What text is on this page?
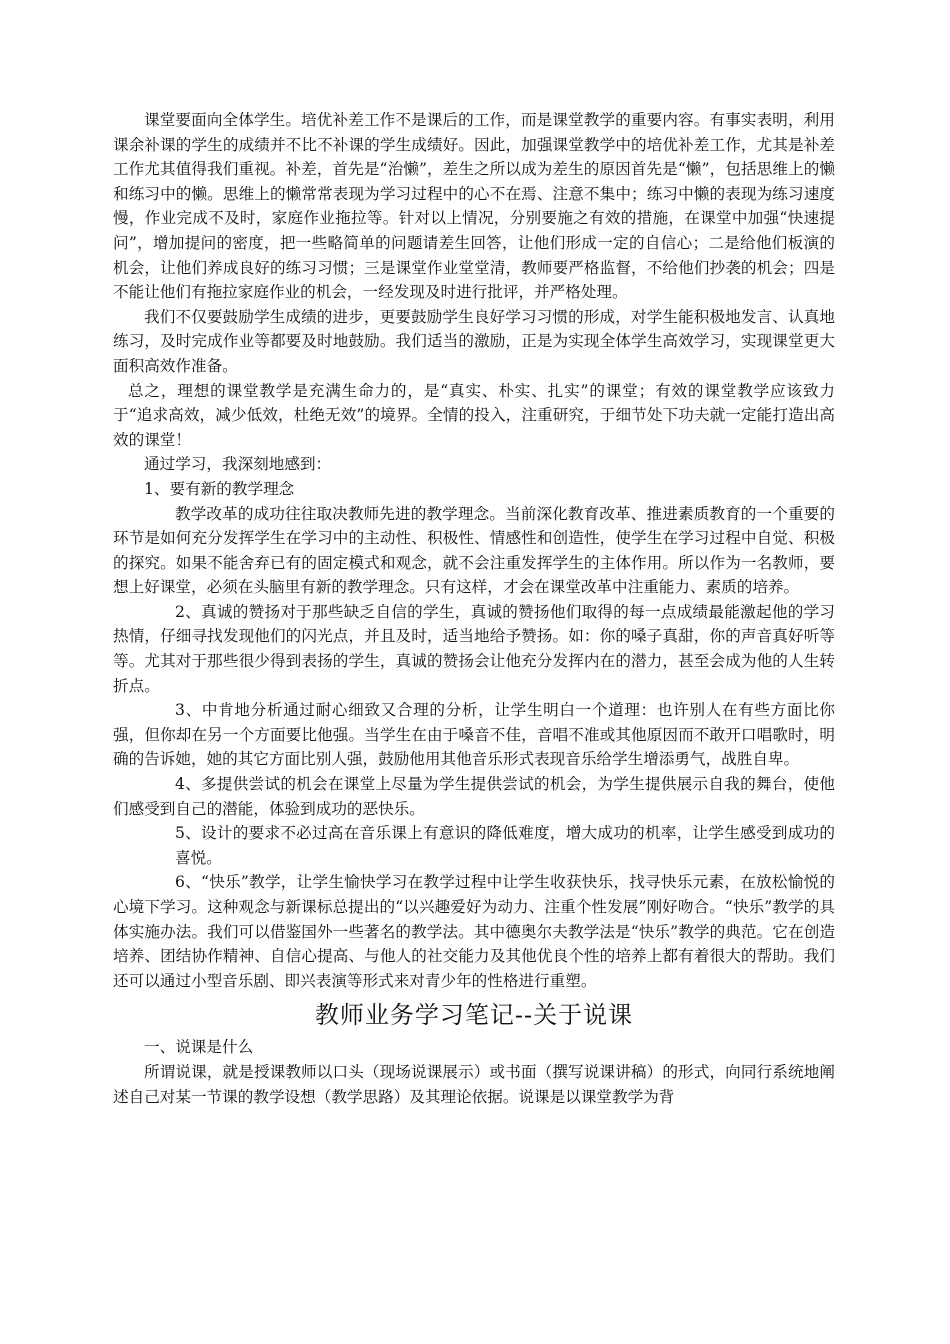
课堂要面向全体学生。培优补差工作不是课后的工作，而是课堂教学的重要内容。有事实表明，利用课余补课的学生的成绩并不比不补课的学生成绩好。因此，加强课堂教学中的培优补差工作，尤其是补差工作尤其值得我们重视。补差，首先是“治懒”，差生之所以成为差生的原因首先是“懒”，包括思维上的懒和练习中的懒。思维上的懒常常表现为学习过程中的心不在焉、注意不集中；练习中懒的表现为练习速度慢，作业完成不及时，家庭作业拖拉等。针对以上情况，分别要施之有效的措施，在课堂中加强“快速提问”，增加提问的密度，把一些略简单的问题请差生回答，让他们形成一定的自信心；二是给他们板演的机会，让他们养成良好的练习习惯；三是课堂作业堂堂清，教师要严格监督，不给他们抄袭的机会；四是不能让他们有拖拉家庭作业的机会，一经发现及时进行批评，并严格处理。

我们不仅要鼓励学生成绩的进步，更要鼓励学生良好学习习惯的形成，对学生能积极地发言、认真地练习，及时完成作业等都要及时地鼓励。我们适当的激励，正是为实现全体学生高效学习，实现课堂更大面积高效作准备。

总之，理想的课堂教学是充满生命力的，是“真实、朴实、扎实”的课堂；有效的课堂教学应该致力于“追求高效，减少低效，杜绝无效”的境界。全情的投入，注重研究，于细节处下功夫就一定能打造出高效的课堂！

通过学习，我深刻地感到：

1、要有新的教学理念

教学改革的成功往往取决教师先进的教学理念。当前深化教育改革、推进素质教育的一个重要的环节是如何充分发挥学生在学习中的主动性、积极性、情感性和创造性，使学生在学习过程中自觉、积极的探究。如果不能舍弃已有的固定模式和观念，就不会注重发挥学生的主体作用。所以作为一名教师，要想上好课堂，必须在头脑里有新的教学理念。只有这样，才会在课堂改革中注重能力、素质的培养。

2、真诚的赞扬对于那些缺乏自信的学生，真诚的赞扬他们取得的每一点成绩最能激起他的学习热情，仔细寻找发现他们的闪光点，并且及时，适当地给予赞扬。如：你的嗓子真甜，你的声音真好听等等。尤其对于那些很少得到表扬的学生，真诚的赞扬会让他充分发挥内在的潜力，甚至会成为他的人生转折点。

3、中肯地分析通过耐心细致又合理的分析，让学生明白一个道理：也许别人在有些方面比你强，但你却在另一个方面要比他强。当学生在由于嗓音不佳，音唱不准或其他原因而不敢开口唱歌时，明确的告诉她，她的其它方面比别人强，鼓励他用其他音乐形式表现音乐给学生增添勇气，战胜自卑。

4、多提供尝试的机会在课堂上尽量为学生提供尝试的机会，为学生提供展示自我的舞台，使他们感受到自己的潜能，体验到成功的恶快乐。

5、设计的要求不必过高在音乐课上有意识的降低难度，增大成功的机率，让学生感受到成功的喜悦。

6、“快乐”教学，让学生愉快学习在教学过程中让学生收获快乐，找寻快乐元素，在放松愉悦的心境下学习。这种观念与新课标总提出的“以兴趣爱好为动力、注重个性发展”刚好吻合。“快乐”教学的具体实施办法。我们可以借鉴国外一些著名的教学法。其中德奥尔夫教学法是“快乐”教学的典范。它在创造培养、团结协作精神、自信心提高、与他人的社交能力及其他优良个性的培养上都有着很大的帮助。我们还可以通过小型音乐剧、即兴表演等形式来对青少年的性格进行重塑。

教师业务学习笔记--关于说课

一、说课是什么

所谓说课，就是授课教师以口头（现场说课展示）或书面（撰写说课讲稿）的形式，向同行系统地阐述自己对某一节课的教学设想（教学思路）及其理论依据。说课是以课堂教学为背
